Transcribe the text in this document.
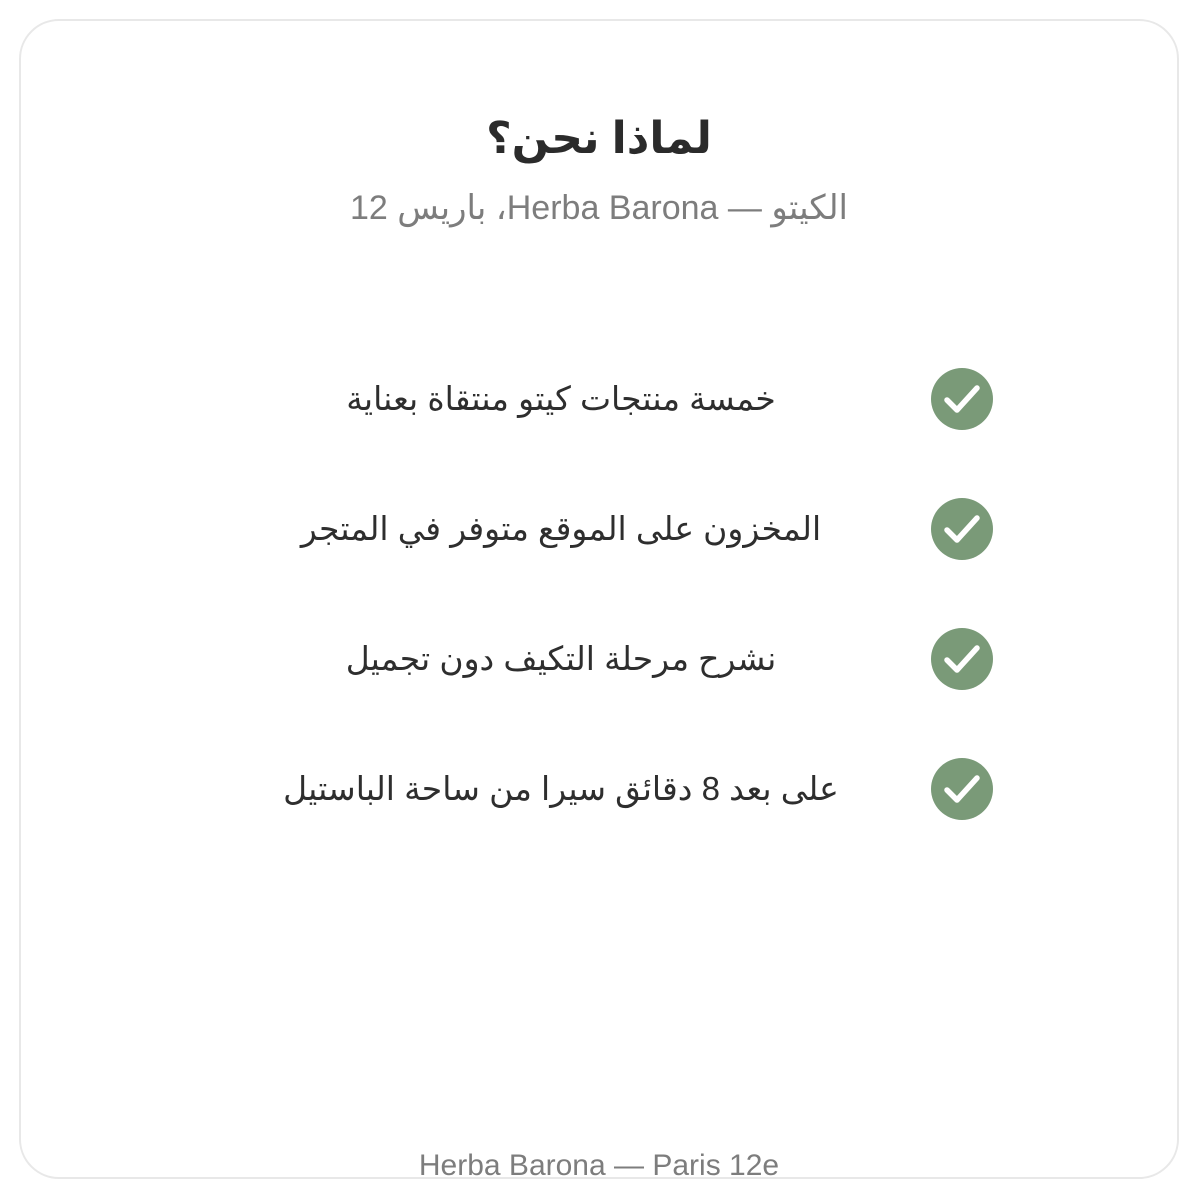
لماذا نحن؟
الكيتو — Herba Barona، باريس 12
خمسة منتجات كيتو منتقاة بعناية
المخزون على الموقع متوفر في المتجر
نشرح مرحلة التكيف دون تجميل
على بعد 8 دقائق سيرا من ساحة الباستيل
Herba Barona — Paris 12e
